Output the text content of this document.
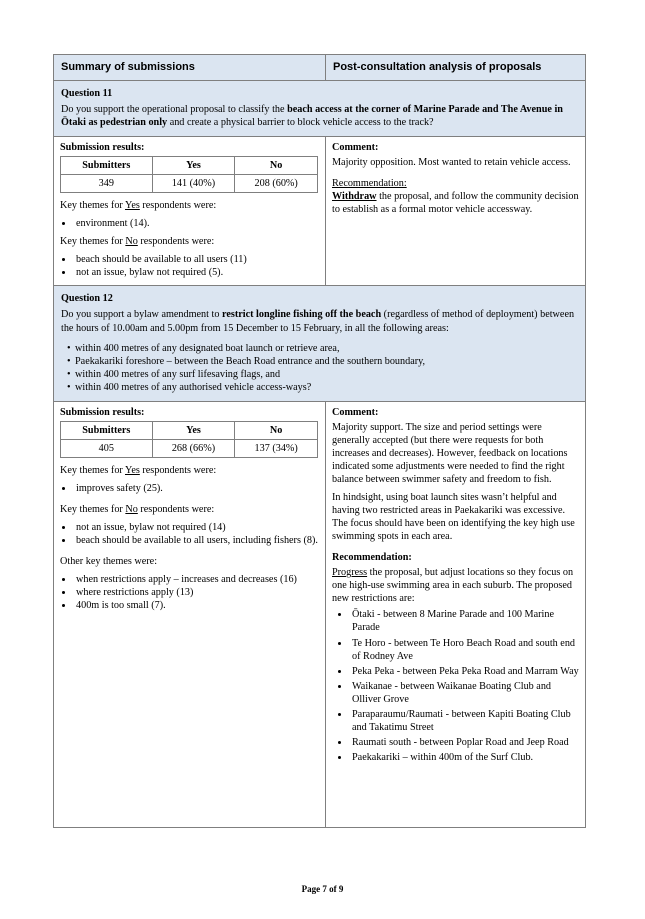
Summary of submissions	Post-consultation analysis of proposals
Question 11
Do you support the operational proposal to classify the beach access at the corner of Marine Parade and The Avenue in Ōtaki as pedestrian only and create a physical barrier to block vehicle access to the track?
Submission results:
Submitters	Yes	No
349	141 (40%)	208 (60%)

Key themes for Yes respondents were:

• environment (14).

Key themes for No respondents were:

• beach should be available to all users (11)
• not an issue, bylaw not required (5).
Comment:

Majority opposition. Most wanted to retain vehicle access.

Recommendation:

Withdraw the proposal, and follow the community decision to establish as a formal motor vehicle accessway.

Question 12
Do you support a bylaw amendment to restrict longline fishing off the beach (regardless of method of deployment) between the hours of 10.00am and 5.00pm from 15 December to 15 February, in all the following areas:
• within 400 metres of any designated boat launch or retrieve area,
• Paekakariki foreshore – between the Beach Road entrance and the southern boundary,
• within 400 metres of any surf lifesaving flags, and
• within 400 metres of any authorised vehicle access-ways?
Submission results:
Submitters	Yes	No
405	268 (66%)	137 (34%)

Key themes for Yes respondents were:

• improves safety (25).

Key themes for No respondents were:

• not an issue, bylaw not required (14)
• beach should be available to all users, including fishers (8).

Other key themes were:

• when restrictions apply – increases and decreases (16)
• where restrictions apply (13)
• 400m is too small (7).
Comment:

Majority support. The size and period settings were generally accepted (but there were requests for both increases and decreases). However, feedback on locations indicated some adjustments were needed to find the right balance between swimmer safety and freedom to fish.

In hindsight, using boat launch sites wasn’t helpful and having two restricted areas in Paekakariki was excessive. The focus should have been on identifying the key high use swimming spots in each area.

Recommendation:

Progress the proposal, but adjust locations so they focus on one high-use swimming area in each suburb. The proposed new restrictions are:

• Ōtaki - between 8 Marine Parade and 100 Marine Parade
• Te Horo - between Te Horo Beach Road and south end of Rodney Ave
• Peka Peka - between Peka Peka Road and Marram Way
• Waikanae - between Waikanae Boating Club and Olliver Grove
• Paraparaumu/Raumati - between Kapiti Boating Club and Takatimu Street
• Raumati south - between Poplar Road and Jeep Road
• Paekakariki – within 400m of the Surf Club.
Page 7 of 9
